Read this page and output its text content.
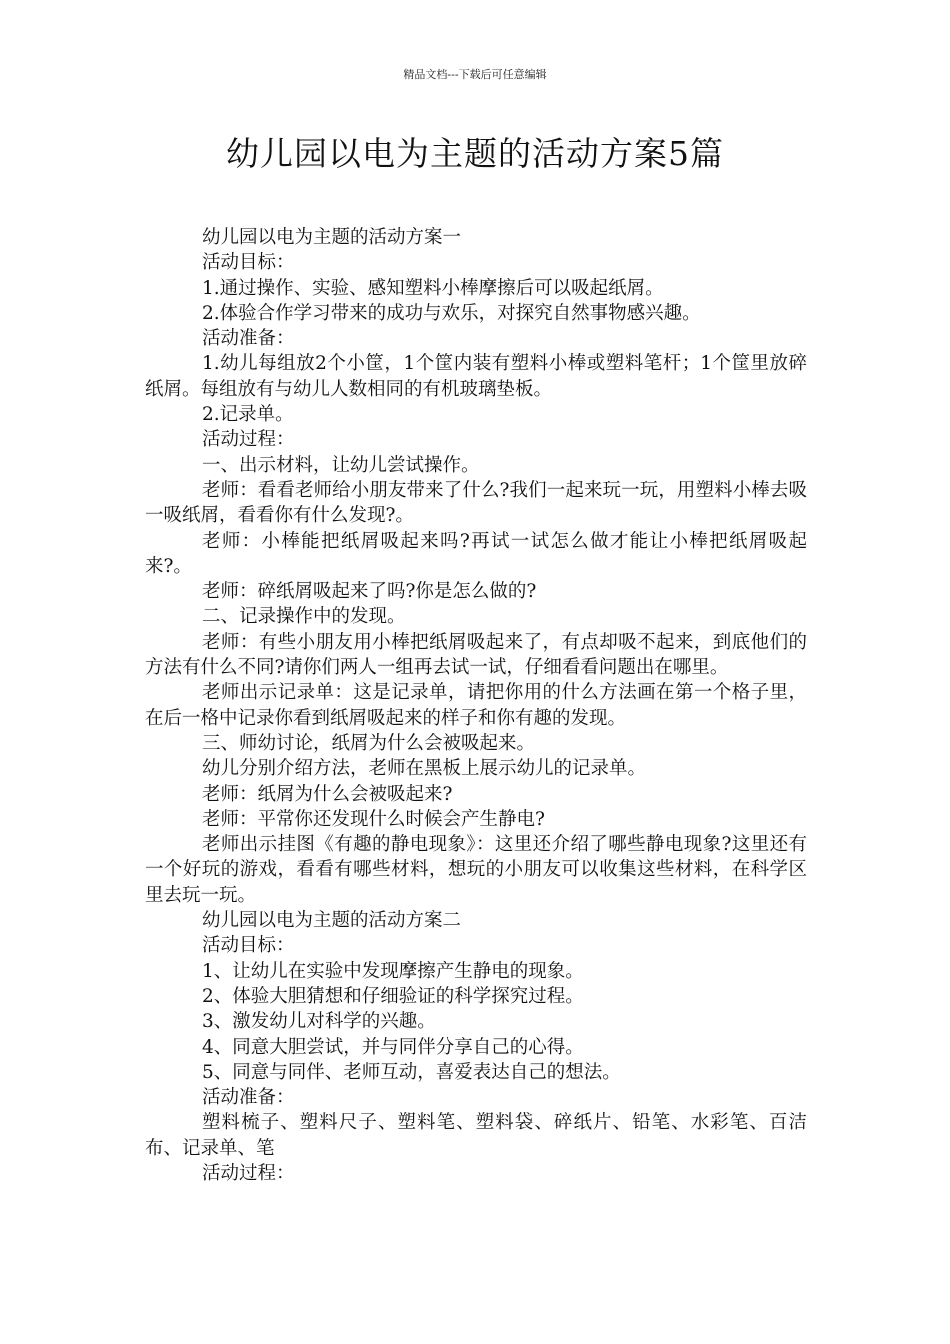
精品文档---下载后可任意编辑
幼儿园以电为主题的活动方案5篇

幼儿园以电为主题的活动方案一

活动目标：

1.通过操作、实验、感知塑料小棒摩擦后可以吸起纸屑。

2.体验合作学习带来的成功与欢乐，对探究自然事物感兴趣。

活动准备：

1.幼儿每组放2个小筐，1个筐内装有塑料小棒或塑料笔杆；1个筐里放碎纸屑。每组放有与幼儿人数相同的有机玻璃垫板。

2.记录单。

活动过程：

一、出示材料，让幼儿尝试操作。

老师：看看老师给小朋友带来了什么?我们一起来玩一玩，用塑料小棒去吸一吸纸屑，看看你有什么发现?。

老师：小棒能把纸屑吸起来吗?再试一试怎么做才能让小棒把纸屑吸起来?。

老师：碎纸屑吸起来了吗?你是怎么做的?

二、记录操作中的发现。

老师：有些小朋友用小棒把纸屑吸起来了，有点却吸不起来，到底他们的方法有什么不同?请你们两人一组再去试一试，仔细看看问题出在哪里。

老师出示记录单：这是记录单，请把你用的什么方法画在第一个格子里，在后一格中记录你看到纸屑吸起来的样子和你有趣的发现。

三、师幼讨论，纸屑为什么会被吸起来。

幼儿分别介绍方法，老师在黑板上展示幼儿的记录单。

老师：纸屑为什么会被吸起来?

老师：平常你还发现什么时候会产生静电?

老师出示挂图《有趣的静电现象》：这里还介绍了哪些静电现象?这里还有一个好玩的游戏，看看有哪些材料，想玩的小朋友可以收集这些材料，在科学区里去玩一玩。

幼儿园以电为主题的活动方案二

活动目标：

1、让幼儿在实验中发现摩擦产生静电的现象。

2、体验大胆猜想和仔细验证的科学探究过程。

3、激发幼儿对科学的兴趣。

4、同意大胆尝试，并与同伴分享自己的心得。

5、同意与同伴、老师互动，喜爱表达自己的想法。

活动准备：

塑料梳子、塑料尺子、塑料笔、塑料袋、碎纸片、铅笔、水彩笔、百洁布、记录单、笔

活动过程：
